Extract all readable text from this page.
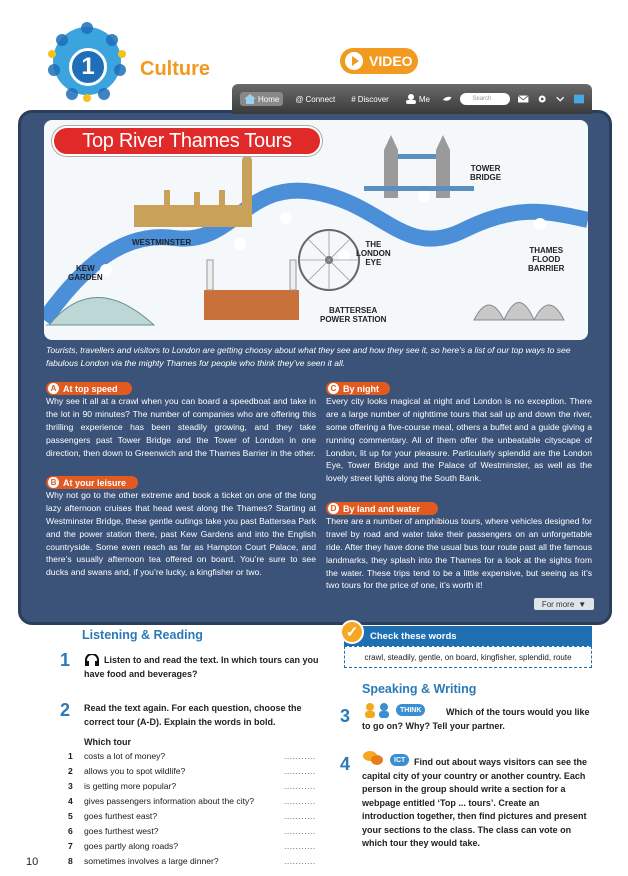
1	Culture	VIDEO
Home @ Connect # Discover	Me	Search
Top River Thames Tours
TOWER
BRIDGE
WESTMINSTER	THE
LONDON
EYE
THAMES
FLOOD
BARRIER
KEW
GARDEN
BATTERSEA
POWER STATION
Tourists, travellers and visitors to London are getting choosy about what they see and how they see it, so here’s a list of our top ways to see fabulous London via the mighty Thames for people who think they’ve seen it all.
A At top speed
Why see it all at a crawl when you can board a speedboat and take in the lot in 90 minutes? The number of companies who are offering this thrilling experience has been steadily growing, and they take passengers past Tower Bridge and the Tower of London in one direction, then down to Greenwich and the Thames Barrier in the other.
B At your leisure
Why not go to the other extreme and book a ticket on one of the long lazy afternoon cruises that head west along the Thames? Starting at Westminster Bridge, these gentle outings take you past Battersea Park and the power station there, past Kew Gardens and into the English countryside. Some even reach as far as Hampton Court Palace, and there’s usually afternoon tea offered on board. You’re sure to see ducks and swans and, if you’re lucky, a kingfisher or two.
C By night
Every city looks magical at night and London is no exception. There are a large number of nighttime tours that sail up and down the river, some offering a five-course meal, others a buffet and a guide giving a running commentary. All of them offer the unbeatable cityscape of London, lit up for your pleasure. Particularly splendid are the London Eye, Tower Bridge and the Palace of Westminster, as well as the lovely street lights along the South Bank.
D By land and water
There are a number of amphibious tours, where vehicles designed for travel by road and water take their passengers on an unforgettable ride. After they have done the usual bus tour route past all the famous landmarks, they splash into the Thames for a look at the sights from the water. These trips tend to be a little expensive, but seeing as it’s two tours for the price of one, it’s worth it!
For more ▼
Listening & Reading
1	Listen to and read the text. In which tours can you have food and beverages?
2 Read the text again. For each question, choose the correct tour (A-D). Explain the words in bold.
Which tour
1	costs a lot of money?	...........
2	allows you to spot wildlife?	...........
3	is getting more popular?	...........
4	gives passengers information about the city?	...........
5	goes furthest east?	...........
6	goes furthest west?	...........
7	goes partly along roads?	...........
8	sometimes involves a large dinner?	...........
Check these words
✓
crawl, steadily, gentle, on board, kingfisher, splendid, route
Speaking & Writing
3	THINK	Which of the tours would you like to go on? Why? Tell your partner.
4	ICT Find out about ways visitors can see the capital city of your country or another country. Each person in the group should write a section for a webpage entitled ‘Top ... tours’. Create an introduction together, then find pictures and present your sections to the class. The class can vote on which tour they would take.
10
